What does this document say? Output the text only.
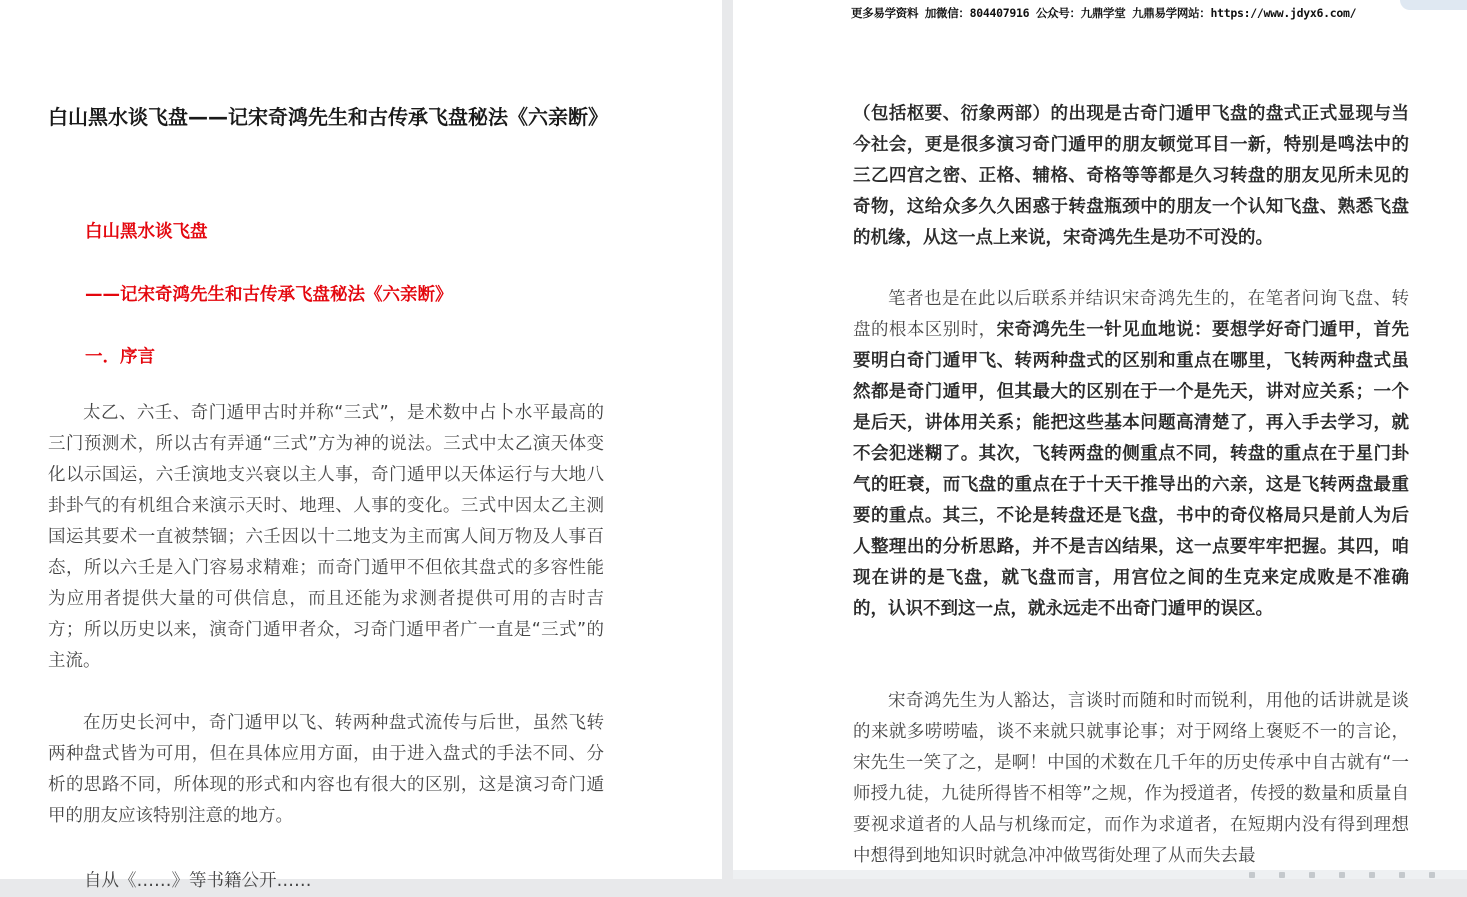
白山黑水谈飞盘——记宋奇鸿先生和古传承飞盘秘法《六亲断》
白山黑水谈飞盘
——记宋奇鸿先生和古传承飞盘秘法《六亲断》
一．序言

太乙、六壬、奇门遁甲古时并称“三式”，是术数中占卜水平最高的三门预测术，所以古有弄通“三式”方为神的说法。三式中太乙演天体变化以示国运，六壬演地支兴衰以主人事，奇门遁甲以天体运行与大地八卦卦气的有机组合来演示天时、地理、人事的变化。三式中因太乙主测国运其要术一直被禁锢；六壬因以十二地支为主而寓人间万物及人事百态，所以六壬是入门容易求精难；而奇门遁甲不但依其盘式的多容性能为应用者提供大量的可供信息，而且还能为求测者提供可用的吉时吉方；所以历史以来，演奇门遁甲者众，习奇门遁甲者广一直是“三式”的主流。

在历史长河中，奇门遁甲以飞、转两种盘式流传与后世，虽然飞转两种盘式皆为可用，但在具体应用方面，由于进入盘式的手法不同、分析的思路不同，所体现的形式和内容也有很大的区别，这是演习奇门遁甲的朋友应该特别注意的地方。

自从《……》等书籍公开……
更多易学资料 加微信：804407916 公众号：九鼎学堂 九鼎易学网站：https://www.jdyx6.com/

（包括枢要、衍象两部）的出现是古奇门遁甲飞盘的盘式正式显现与当今社会，更是很多演习奇门遁甲的朋友顿觉耳目一新，特别是鸣法中的三乙四宫之密、正格、辅格、奇格等等都是久习转盘的朋友见所未见的奇物，这给众多久久困惑于转盘瓶颈中的朋友一个认知飞盘、熟悉飞盘的机缘，从这一点上来说，宋奇鸿先生是功不可没的。

笔者也是在此以后联系并结识宋奇鸿先生的，在笔者问询飞盘、转盘的根本区别时，宋奇鸿先生一针见血地说：要想学好奇门遁甲，首先要明白奇门遁甲飞、转两种盘式的区别和重点在哪里，飞转两种盘式虽然都是奇门遁甲，但其最大的区别在于一个是先天，讲对应关系；一个是后天，讲体用关系；能把这些基本问题高清楚了，再入手去学习，就不会犯迷糊了。其次，飞转两盘的侧重点不同，转盘的重点在于星门卦气的旺衰，而飞盘的重点在于十天干推导出的六亲，这是飞转两盘最重要的重点。其三，不论是转盘还是飞盘，书中的奇仪格局只是前人为后人整理出的分析思路，并不是吉凶结果，这一点要牢牢把握。其四，咱现在讲的是飞盘，就飞盘而言，用宫位之间的生克来定成败是不准确的，认识不到这一点，就永远走不出奇门遁甲的误区。

宋奇鸿先生为人豁达，言谈时而随和时而锐利，用他的话讲就是谈的来就多唠唠嗑，谈不来就只就事论事；对于网络上褒贬不一的言论，宋先生一笑了之，是啊！中国的术数在几千年的历史传承中自古就有“一师授九徒，九徒所得皆不相等”之规，作为授道者，传授的数量和质量自要视求道者的人品与机缘而定，而作为求道者，在短期内没有得到理想中想得到地知识时就急冲冲做骂街处理了从而失去最
